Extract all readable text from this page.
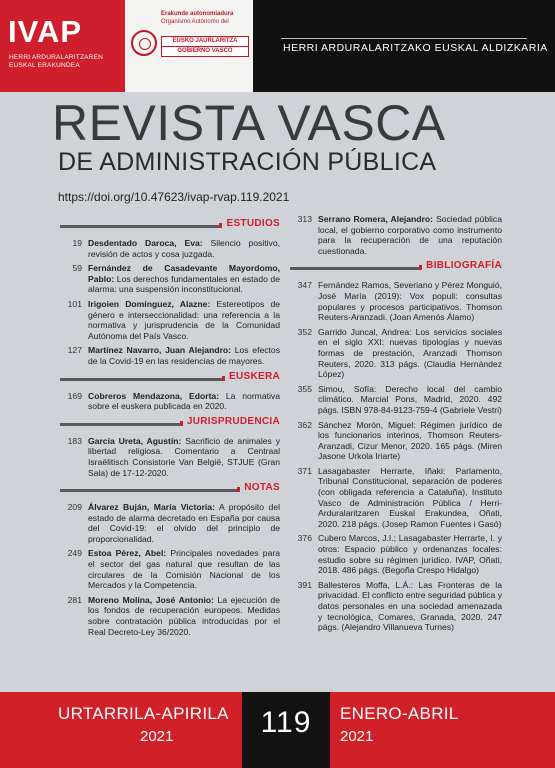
IVAP
HERRI ARDURALARITZAREN
EUSKAL ERAKUNDEA
Erakunde autonomiadura
Organismo Autónomo del
EUSKO JAURLARITZA
GOBIERNO VASCO	HERRI ARDURALARITZAKO EUSKAL ALDIZKARIA
REVISTA VASCA
DE ADMINISTRACIÓN PÚBLICA
https://doi.org/10.47623/ivap-rvap.119.2021
ESTUDIOS
19 Desdentado Daroca, Eva: Silencio positivo, revisión de actos y cosa juzgada.
59 Fernández de Casadevante Mayordomo, Pablo: Los derechos fundamentales en estado de alarma: una suspensión inconstitucional.
101 Irigoien Domínguez, Alazne: Estereotipos de género e interseccionalidad: una referencia a la normativa y jurisprudencia de la Comunidad Autónoma del País Vasco.
127 Martínez Navarro, Juan Alejandro: Los efectos de la Covid-19 en las residencias de mayores.
EUSKERA
169 Cobreros Mendazona, Edorta: La normativa sobre el euskera publicada en 2020.
JURISPRUDENCIA
183 García Ureta, Agustín: Sacrificio de animales y libertad religiosa. Comentario a Centraal Israëlitisch Consistorie Van België, STJUE (Gran Sala) de 17-12-2020.
NOTAS
209 Álvarez Buján, María Victoria: A propósito del estado de alarma decretado en España por causa del Covid-19: el olvido del principio de proporcionalidad.
249 Estoa Pérez, Abel: Principales novedades para el sector del gas natural que resultan de las circulares de la Comisión Nacional de los Mercados y la Competencia.
281 Moreno Molina, José Antonio: La ejecución de los fondos de recuperación europeos. Medidas sobre contratación pública introducidas por el Real Decreto-Ley 36/2020.
313 Serrano Romera, Alejandro: Sociedad pública local, el gobierno corporativo como instrumento para la recuperación de una reputación cuestionada.
BIBLIOGRAFÍA
347 Fernández Ramos, Severiano y Pérez Monguió, José María (2019): Vox populi: consultas populares y procesos participativos. Thomson Reuters-Aranzadi. (Joan Amenós Álamo)
352 Garrido Juncal, Andrea: Los servicios sociales en el siglo XXI: nuevas tipologías y nuevas formas de prestación, Aranzadi Thomson Reuters, 2020. 313 págs. (Claudia Hernández López)
355 Simou, Sofía: Derecho local del cambio climático. Marcial Pons, Madrid, 2020. 492 págs. ISBN 978-84-9123-759-4 (Gabriele Vestri)
362 Sánchez Morón, Miguel: Régimen jurídico de los funcionarios interinos, Thomson Reuters-Aranzadi, Cizur Menor, 2020. 165 págs. (Miren Jasone Urkola Iriarte)
371 Lasagabaster Herrarte, Iñaki: Parlamento, Tribunal Constitucional, separación de poderes (con obligada referencia a Cataluña), Instituto Vasco de Administración Pública / Herri-Arduralaritzaren Euskal Erakundea, Oñati, 2020. 218 págs. (Josep Ramon Fuentes i Gasó)
376 Cubero Marcos, J.I.; Lasagabaster Herrarte, I. y otros: Espacio público y ordenanzas locales: estudio sobre su régimen jurídico. IVAP, Oñati, 2018. 486 págs. (Begoña Crespo Hidalgo)
391 Ballesteros Moffa, L.Á.: Las Fronteras de la privacidad. El conflicto entre seguridad pública y datos personales en una sociedad amenazada y tecnológica, Comares, Granada, 2020. 247 págs. (Alejandro Villanueva Turnes)
URTARRILA-APIRILA
2021	119	ENERO-ABRIL
2021
